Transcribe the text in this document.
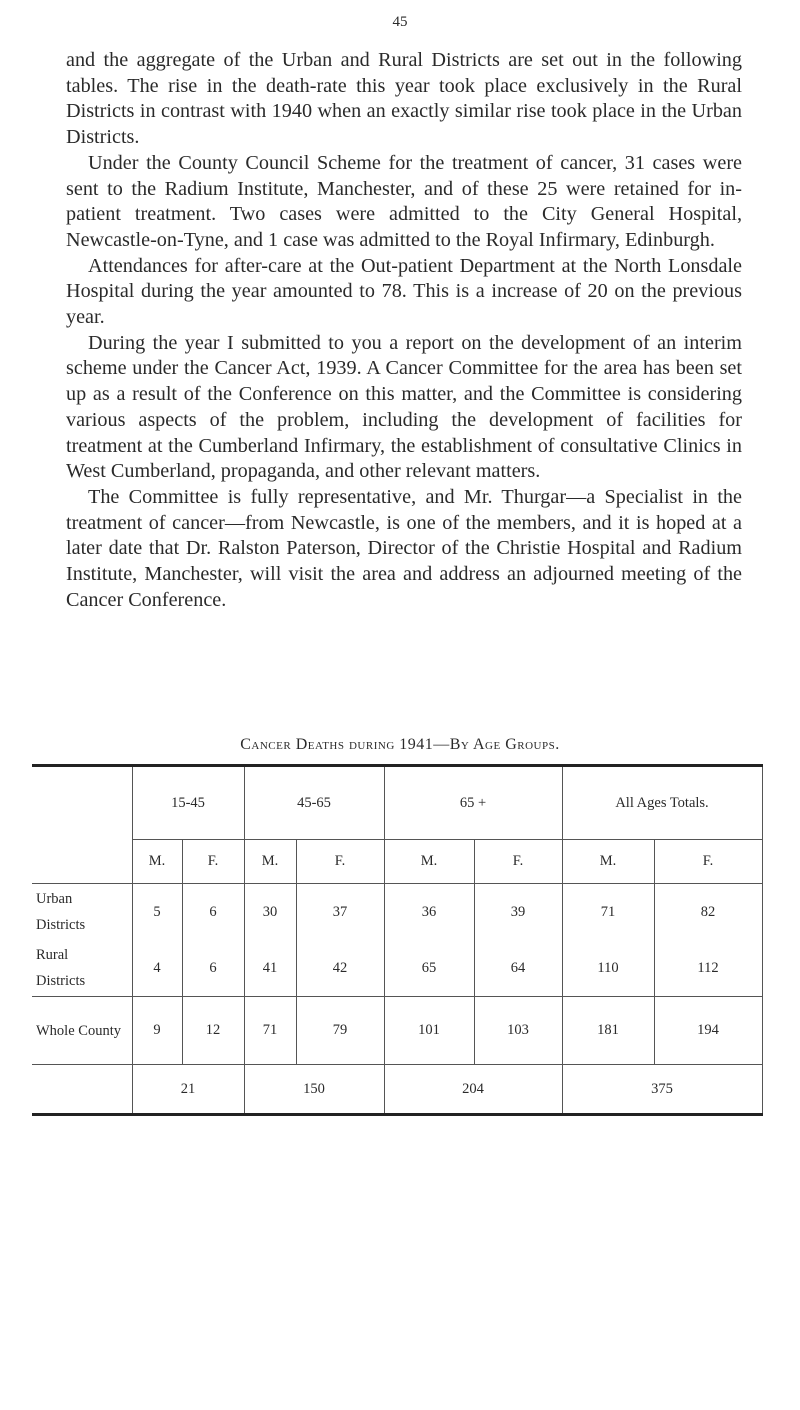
45

and the aggregate of the Urban and Rural Districts are set out in the following tables. The rise in the death-rate this year took place exclusively in the Rural Districts in contrast with 1940 when an exactly similar rise took place in the Urban Districts.

Under the County Council Scheme for the treatment of cancer, 31 cases were sent to the Radium Institute, Manchester, and of these 25 were retained for in-patient treatment. Two cases were admitted to the City General Hospital, Newcastle-on-Tyne, and 1 case was admitted to the Royal Infirmary, Edinburgh.

Attendances for after-care at the Out-patient Department at the North Lonsdale Hospital during the year amounted to 78. This is a increase of 20 on the previous year.

During the year I submitted to you a report on the development of an interim scheme under the Cancer Act, 1939. A Cancer Committee for the area has been set up as a result of the Conference on this matter, and the Committee is considering various aspects of the problem, including the development of facilities for treatment at the Cumberland Infirmary, the establishment of consultative Clinics in West Cumberland, propaganda, and other relevant matters.

The Committee is fully representative, and Mr. Thurgar—a Specialist in the treatment of cancer—from Newcastle, is one of the members, and it is hoped at a later date that Dr. Ralston Paterson, Director of the Christie Hospital and Radium Institute, Manchester, will visit the area and address an adjourned meeting of the Cancer Conference.

Cancer Deaths during 1941—By Age Groups.
	15-45		45-65		65 +		All Ages Totals.	
	M.	F.	M.	F.	M.	F.	M.	F.

Urban
Districts	5	6	30	37	36	39	71	82

Rural
Districts	4	6	41	42	65	64	110	112
Whole County	9	12	71	79	101	103	181	194
	21		150		204		375	
